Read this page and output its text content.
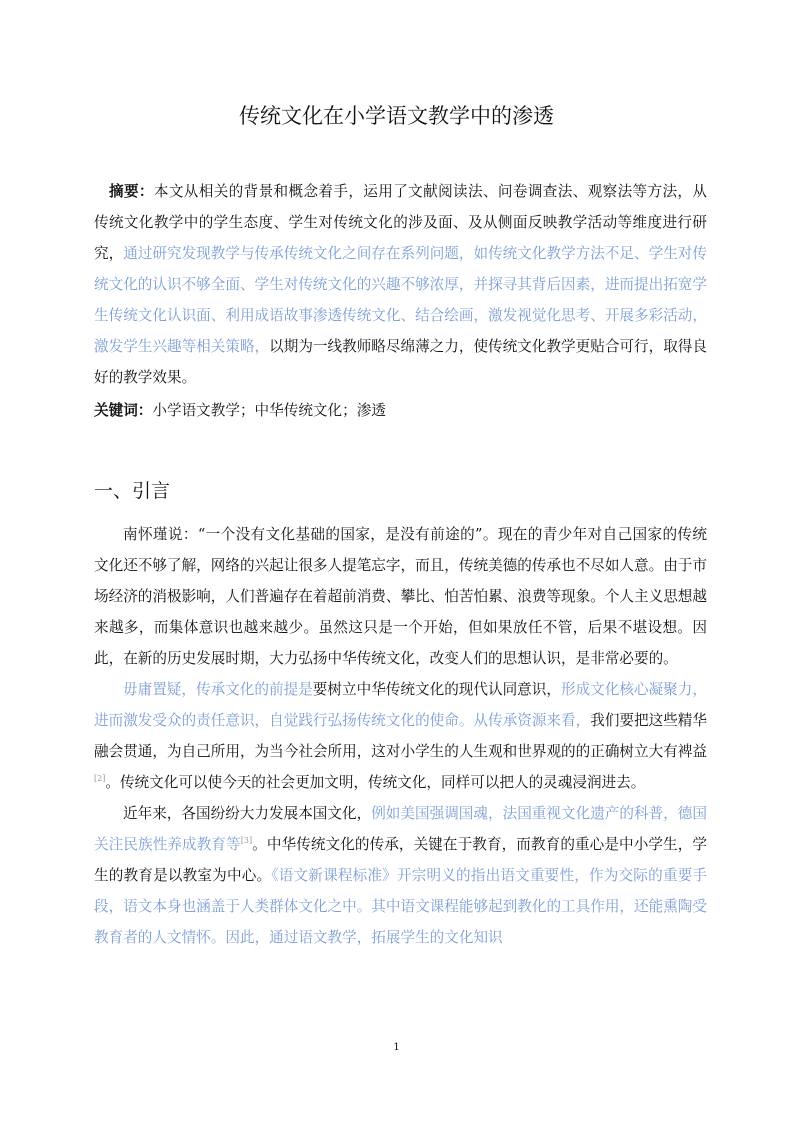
传统文化在小学语文教学中的渗透
摘要：本文从相关的背景和概念着手，运用了文献阅读法、问卷调查法、观察法等方法，从传统文化教学中的学生态度、学生对传统文化的涉及面、及从侧面反映教学活动等维度进行研究，通过研究发现教学与传承传统文化之间存在系列问题，如传统文化教学方法不足、学生对传统文化的认识不够全面、学生对传统文化的兴趣不够浓厚，并探寻其背后因素，进而提出拓宽学生传统文化认识面、利用成语故事渗透传统文化、结合绘画，激发视觉化思考、开展多彩活动，激发学生兴趣等相关策略，以期为一线教师略尽绵薄之力，使传统文化教学更贴合可行，取得良好的教学效果。
关键词：小学语文教学；中华传统文化；渗透
一、引言

南怀瑾说：“一个没有文化基础的国家，是没有前途的”。现在的青少年对自己国家的传统文化还不够了解，网络的兴起让很多人提笔忘字，而且，传统美德的传承也不尽如人意。由于市场经济的消极影响，人们普遍存在着超前消费、攀比、怕苦怕累、浪费等现象。个人主义思想越来越多，而集体意识也越来越少。虽然这只是一个开始，但如果放任不管，后果不堪设想。因此，在新的历史发展时期，大力弘扬中华传统文化，改变人们的思想认识，是非常必要的。

毋庸置疑，传承文化的前提是要树立中华传统文化的现代认同意识，形成文化核心凝聚力，进而激发受众的责任意识，自觉践行弘扬传统文化的使命。从传承资源来看，我们要把这些精华融会贯通，为自己所用，为当今社会所用，这对小学生的人生观和世界观的的正确树立大有裨益[2]。传统文化可以使今天的社会更加文明，传统文化，同样可以把人的灵魂浸润进去。

近年来，各国纷纷大力发展本国文化，例如美国强调国魂，法国重视文化遗产的科普，德国关注民族性养成教育等[3]。中华传统文化的传承，关键在于教育，而教育的重心是中小学生，学生的教育是以教室为中心。《语文新课程标准》开宗明义的指出语文重要性，作为交际的重要手段，语文本身也涵盖于人类群体文化之中。其中语文课程能够起到教化的工具作用，还能熏陶受教育者的人文情怀。因此，通过语文教学，拓展学生的文化知识

1
